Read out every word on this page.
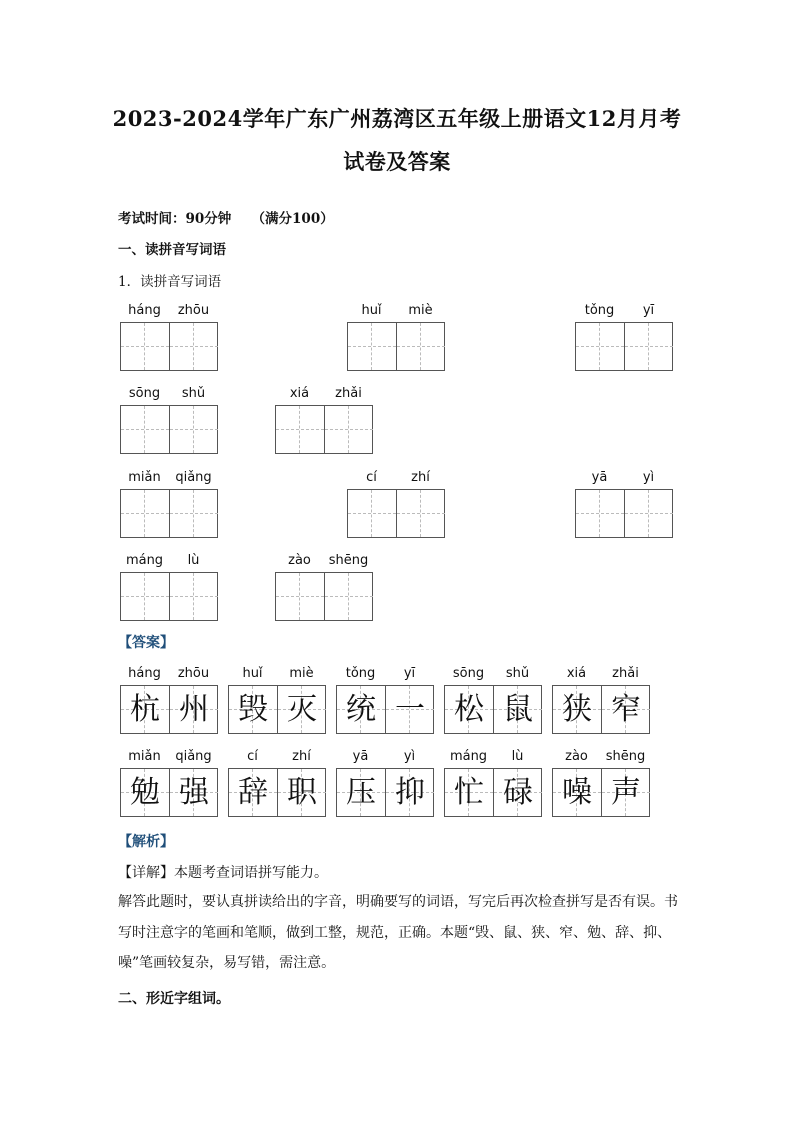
2023-2024学年广东广州荔湾区五年级上册语文12月月考
试卷及答案
考试时间：90分钟　　（满分100）
一、读拼音写词语
1．读拼音写词语
háng	zhōu	huǐ	miè	tǒng	yī
sōng	shǔ	xiá	zhǎi
miǎn	qiǎng	cí	zhí	yā	yì
máng	lù	zào	shēng
【答案】
háng	zhōu
杭 州
huǐ	miè
毁 灭
tǒng	yī
统 一
sōng	shǔ
松 鼠
xiá	zhǎi
狭 窄
miǎn	qiǎng
勉 强
cí	zhí
辞 职
yā	yì
压 抑
máng	lù
忙 碌
zào	shēng
噪 声
【解析】
【详解】本题考查词语拼写能力。
解答此题时，要认真拼读给出的字音，明确要写的词语，写完后再次检查拼写是否有误。书写时注意字的笔画和笔顺，做到工整，规范，正确。本题“毁、鼠、狭、窄、勉、辞、抑、噪”笔画较复杂，易写错，需注意。
二、形近字组词。
